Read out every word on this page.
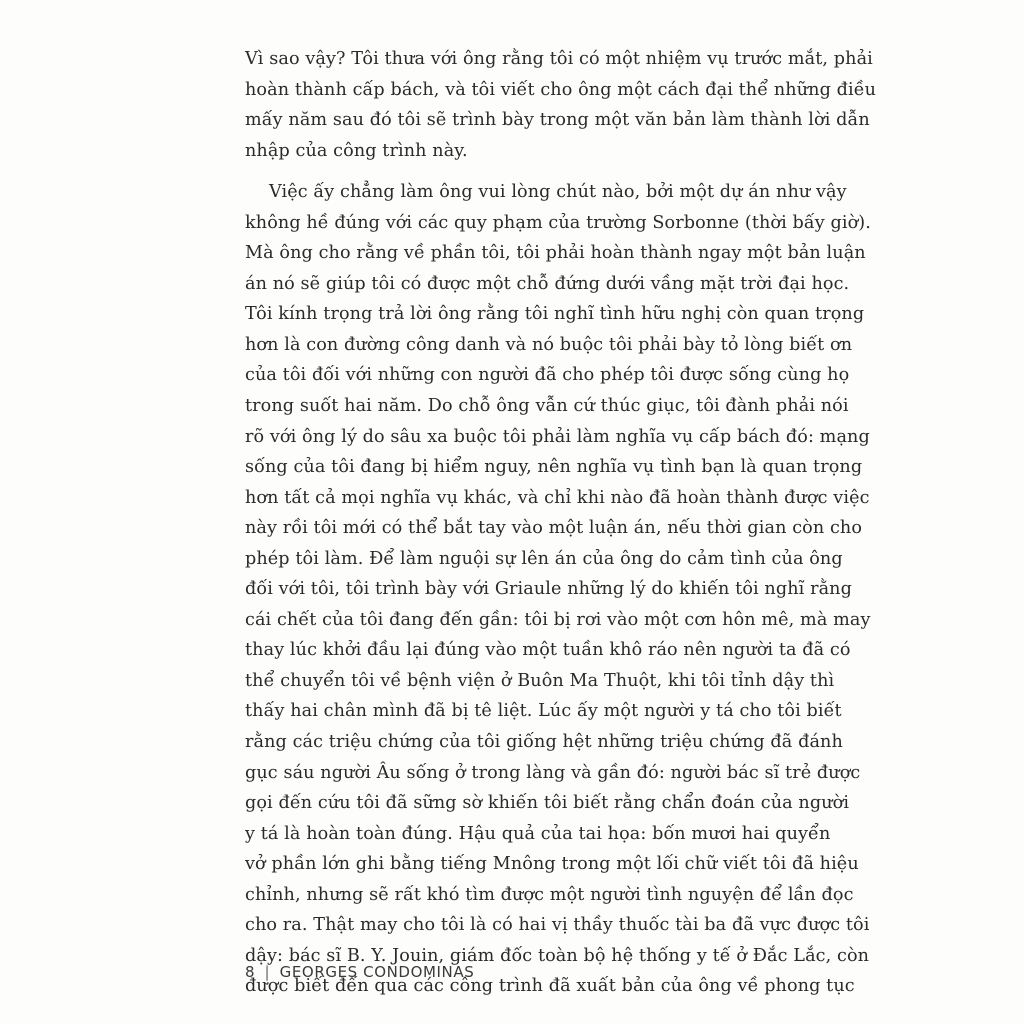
Vì sao vậy? Tôi thưa với ông rằng tôi có một nhiệm vụ trước mắt, phải
hoàn thành cấp bách, và tôi viết cho ông một cách đại thể những điều
mấy năm sau đó tôi sẽ trình bày trong một văn bản làm thành lời dẫn
nhập của công trình này.
Việc ấy chẳng làm ông vui lòng chút nào, bởi một dự án như vậy
không hề đúng với các quy phạm của trường Sorbonne (thời bấy giờ).
Mà ông cho rằng về phần tôi, tôi phải hoàn thành ngay một bản luận
án nó sẽ giúp tôi có được một chỗ đứng dưới vầng mặt trời đại học.
Tôi kính trọng trả lời ông rằng tôi nghĩ tình hữu nghị còn quan trọng
hơn là con đường công danh và nó buộc tôi phải bày tỏ lòng biết ơn
của tôi đối với những con người đã cho phép tôi được sống cùng họ
trong suốt hai năm. Do chỗ ông vẫn cứ thúc giục, tôi đành phải nói
rõ với ông lý do sâu xa buộc tôi phải làm nghĩa vụ cấp bách đó: mạng
sống của tôi đang bị hiểm nguy, nên nghĩa vụ tình bạn là quan trọng
hơn tất cả mọi nghĩa vụ khác, và chỉ khi nào đã hoàn thành được việc
này rồi tôi mới có thể bắt tay vào một luận án, nếu thời gian còn cho
phép tôi làm. Để làm nguội sự lên án của ông do cảm tình của ông
đối với tôi, tôi trình bày với Griaule những lý do khiến tôi nghĩ rằng
cái chết của tôi đang đến gần: tôi bị rơi vào một cơn hôn mê, mà may
thay lúc khởi đầu lại đúng vào một tuần khô ráo nên người ta đã có
thể chuyển tôi về bệnh viện ở Buôn Ma Thuột, khi tôi tỉnh dậy thì
thấy hai chân mình đã bị tê liệt. Lúc ấy một người y tá cho tôi biết
rằng các triệu chứng của tôi giống hệt những triệu chứng đã đánh
gục sáu người Âu sống ở trong làng và gần đó: người bác sĩ trẻ được
gọi đến cứu tôi đã sững sờ khiến tôi biết rằng chẩn đoán của người
y tá là hoàn toàn đúng. Hậu quả của tai họa: bốn mươi hai quyển
vở phần lớn ghi bằng tiếng Mnông trong một lối chữ viết tôi đã hiệu
chỉnh, nhưng sẽ rất khó tìm được một người tình nguyện để lần đọc
cho ra. Thật may cho tôi là có hai vị thầy thuốc tài ba đã vực được tôi
dậy: bác sĩ B. Y. Jouin, giám đốc toàn bộ hệ thống y tế ở Đắc Lắc, còn
được biết đến qua các công trình đã xuất bản của ông về phong tục
8 | GEORGES CONDOMINAS
